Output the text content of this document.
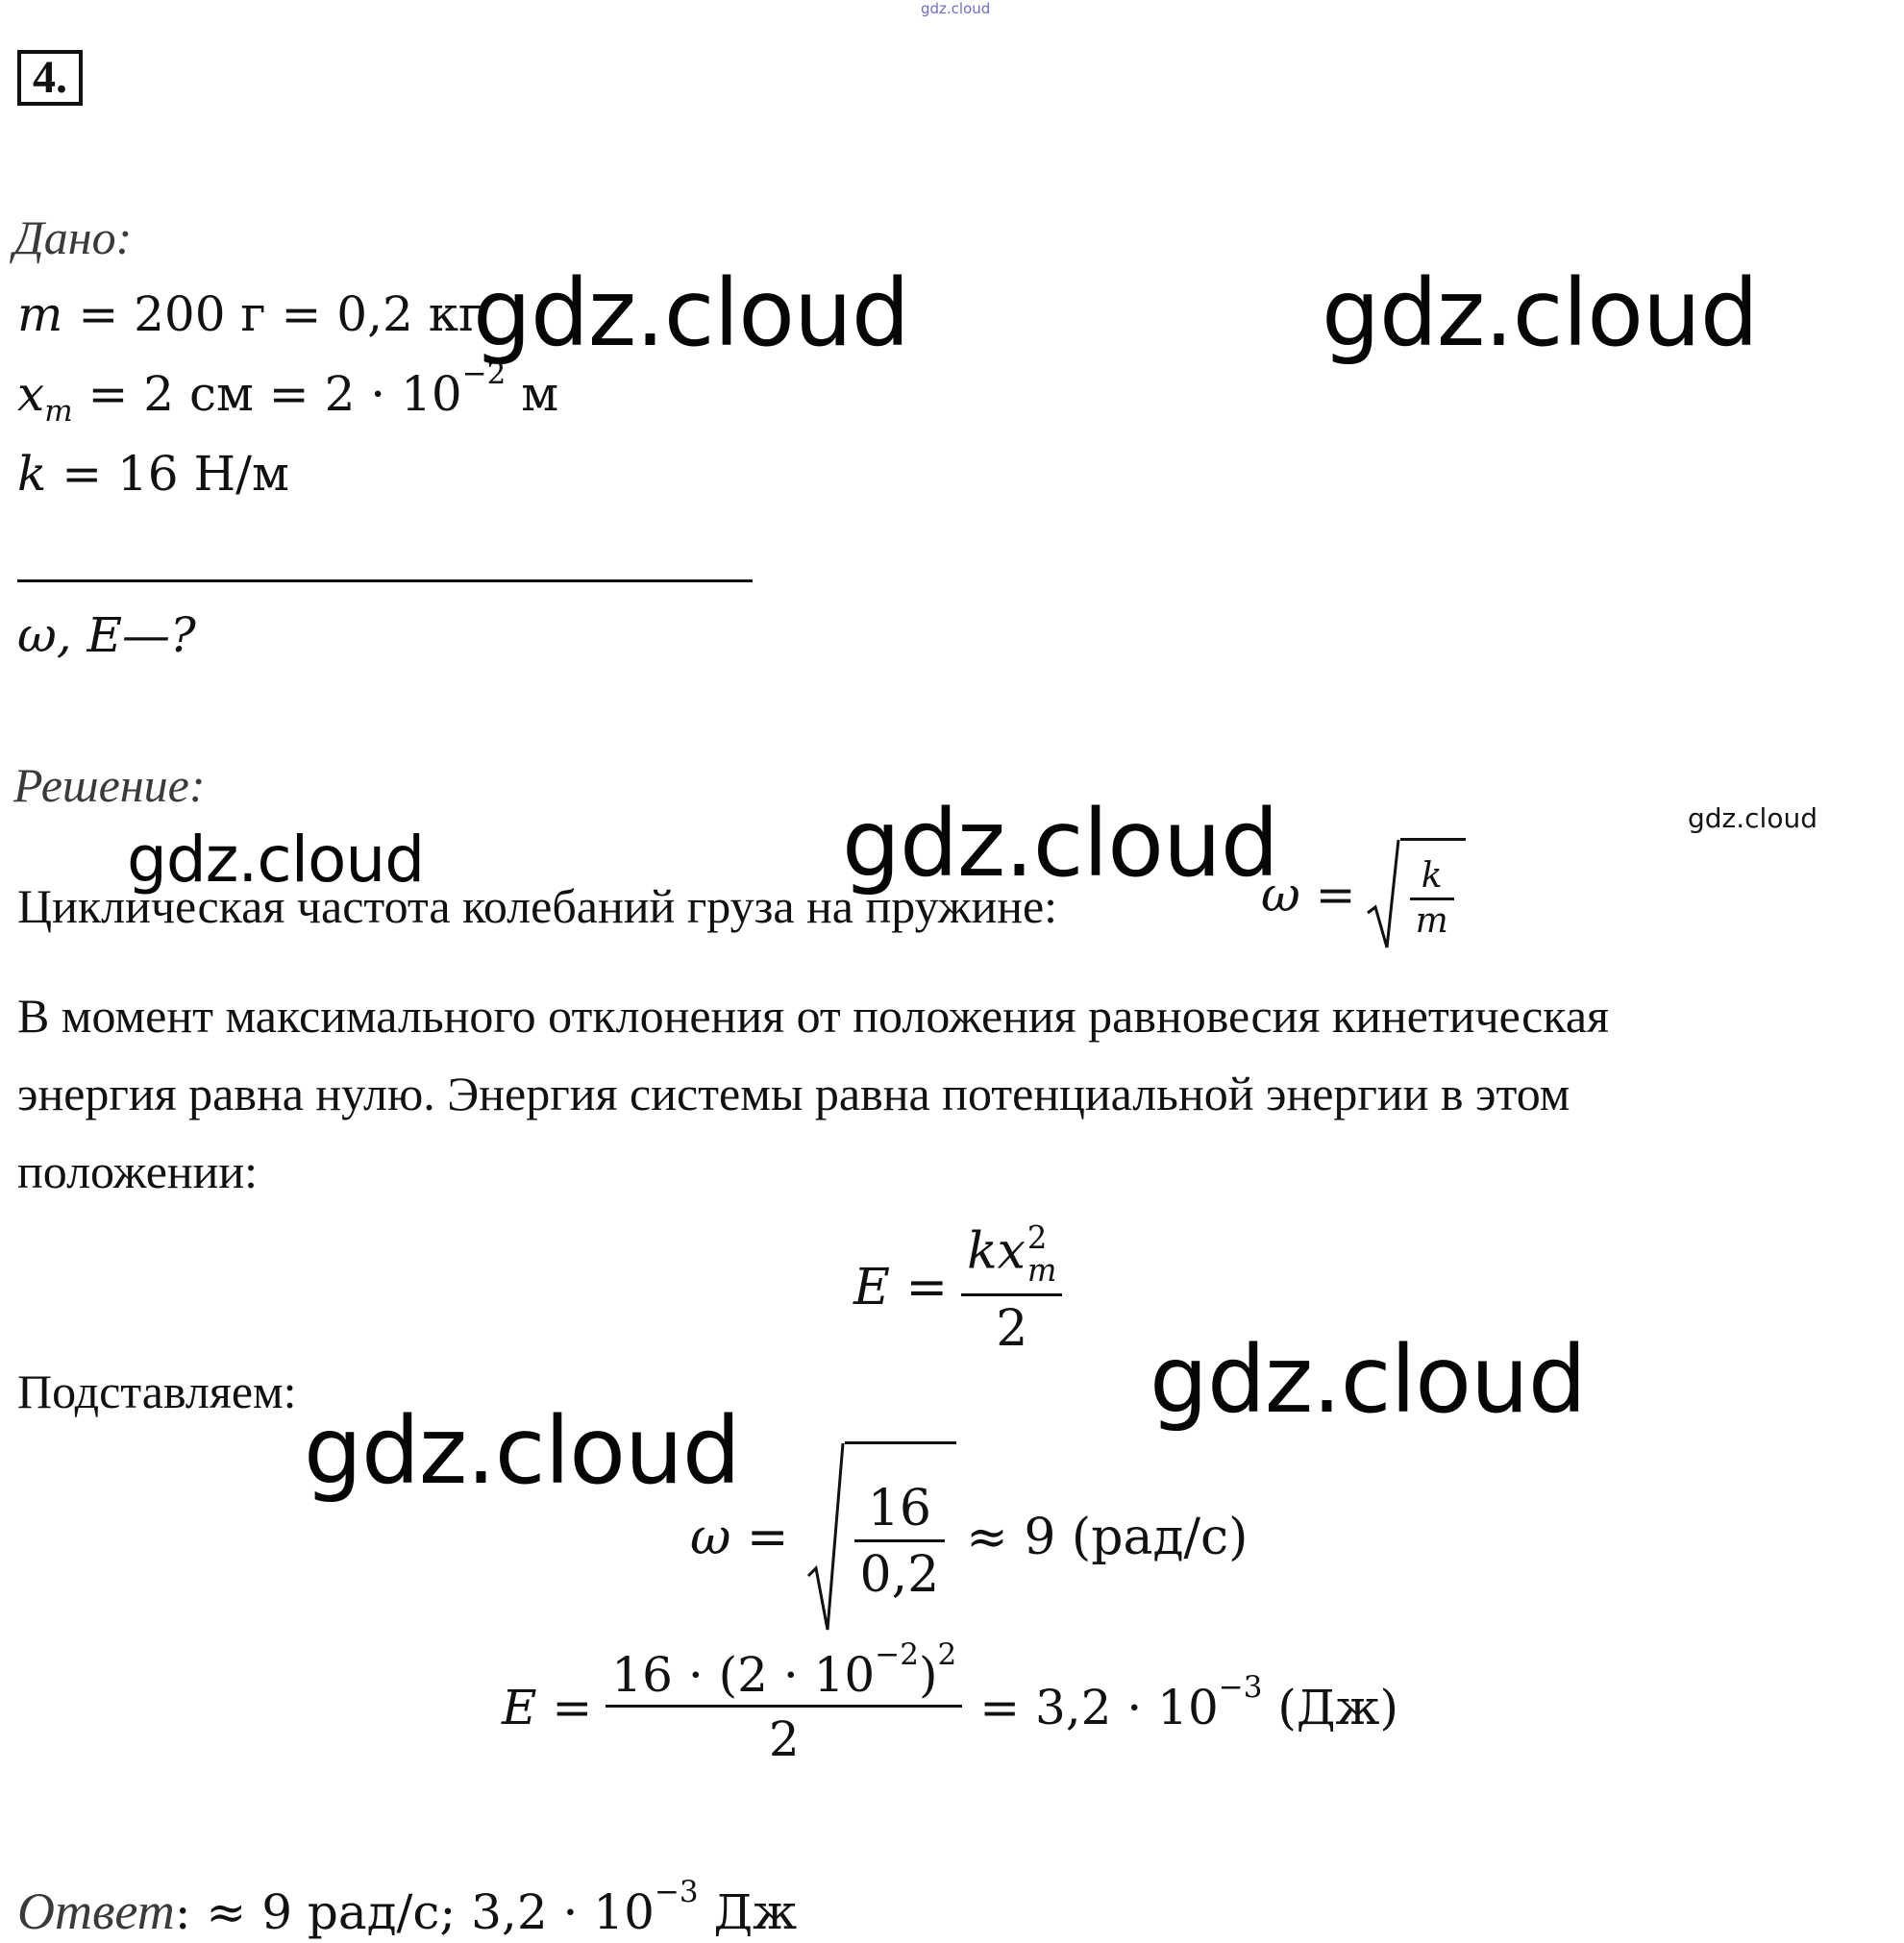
gdz.cloud
4.
Дано:
m = 200 г = 0,2 кг
$x_m = 2$ см = $2 \cdot 10^{-2}$ м
k = 16 Н/м
ω, E—?
Решение:
Циклическая частота колебаний груза на пружине:	$\omega = \frac{k}{m}$
В момент максимального отклонения от положения равновесия кинетическая
энергия равна нулю. Энергия системы равна потенциальной энергии в этом
положении:
E = kx 2
m
2
Подставляем:
$\omega = \frac{16}{0,2} \approx 9$ (рад/с)
$E = \frac{16 \cdot (2 \cdot 10^{-2})^2}{2} = 3,2 \cdot 10^{-3}$ (Дж)
Ответ: ≈ 9 рад/с; $3,2 \cdot 10^{-3}$ Дж
gdz.cloud	gdz.cloud
gdz.cloud	gdz.cloud	gdz.cloud
gdz.cloud
gdz.cloud
